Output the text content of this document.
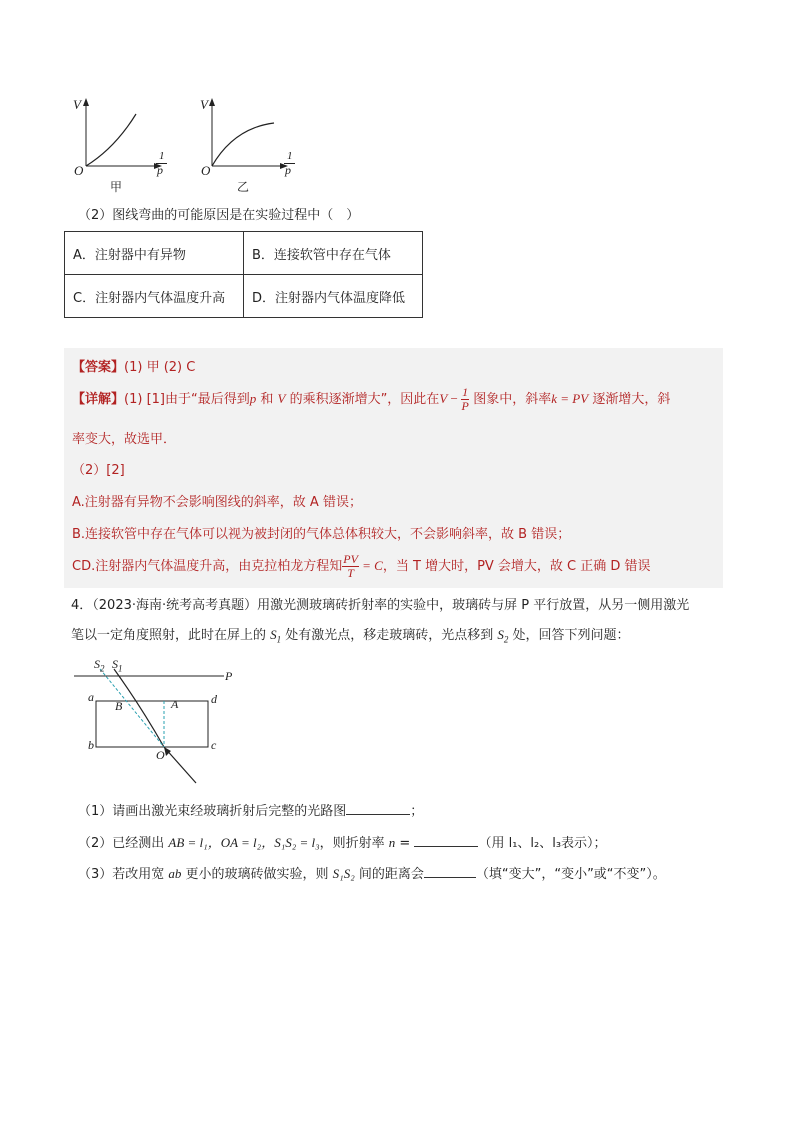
V
O
1
p
甲
V
O
1
p
乙
（2）图线弯曲的可能原因是在实验过程中（　）
A．注射器中有异物	B．连接软管中存在气体
C．注射器内气体温度升高	D．注射器内气体温度降低
【答案】(1) 甲 (2) C
【详解】(1) [1]由于“最后得到p 和 V 的乘积逐渐增大”，因此在$V - \frac{1}{P}$ 图象中，斜率k = PV 逐渐增大，斜
率变大，故选甲．
（2）[2]
A.注射器有异物不会影响图线的斜率，故 A 错误；
B.连接软管中存在气体可以视为被封闭的气体总体积较大，不会影响斜率，故 B 错误；
CD.注射器内气体温度升高，由克拉柏龙方程知 $\frac{PV}{T} = C$，当 T 增大时，PV 会增大，故 C 正确 D 错误
4．（2023·海南·统考高考真题）用激光测玻璃砖折射率的实验中，玻璃砖与屏 P 平行放置，从另一侧用激光
笔以一定角度照射，此时在屏上的 $S_1$ 处有激光点，移走玻璃砖，光点移到 $S_2$ 处，回答下列问题：
$S_2$ $S_1$
P
a	d
b	c
B	A
O
（1）请画出激光束经玻璃折射后完整的光路图	；
（2）已经测出 AB = l₁，OA = l₂，S₁S₂ = l₃，则折射率 n =	（用 l₁、l₂、l₃表示）；
（3）若改用宽 ab 更小的玻璃砖做实验，则 S₁S₂ 间的距离会	（填“变大”，“变小”或“不变”）。
